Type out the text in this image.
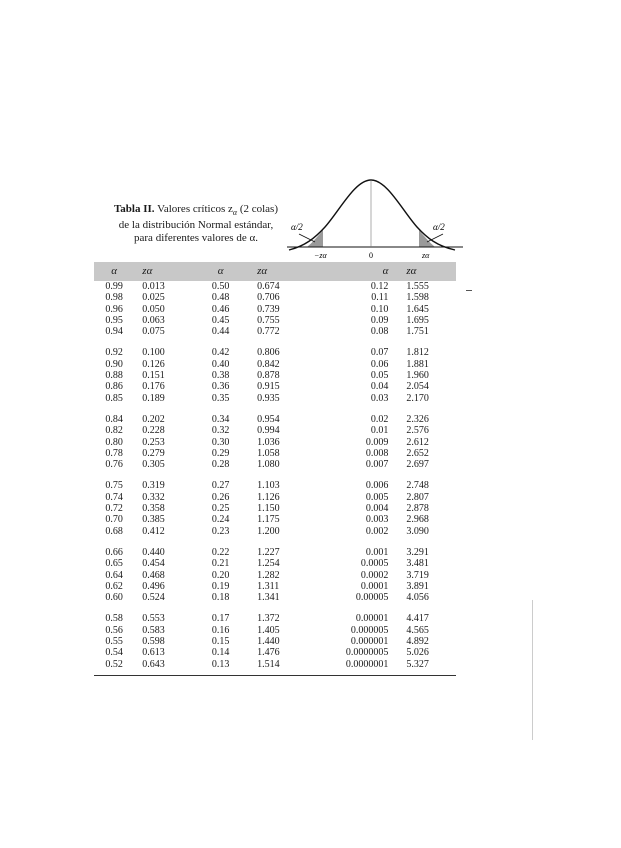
Tabla II. Valores críticos $z_\alpha$ (2 colas)
de la distribución Normal estándar,
para diferentes valores de α.
α/2	α/2
−zα	0	zα
α	zα	α	zα	α	zα
0.99	0.013	0.50	0.674	0.12	1.555
0.98	0.025	0.48	0.706	0.11	1.598
0.96	0.050	0.46	0.739	0.10	1.645
0.95	0.063	0.45	0.755	0.09	1.695
0.94	0.075	0.44	0.772	0.08	1.751

0.92	0.100	0.42	0.806	0.07	1.812
0.90	0.126	0.40	0.842	0.06	1.881
0.88	0.151	0.38	0.878	0.05	1.960
0.86	0.176	0.36	0.915	0.04	2.054
0.85	0.189	0.35	0.935	0.03	2.170

0.84	0.202	0.34	0.954	0.02	2.326
0.82	0.228	0.32	0.994	0.01	2.576
0.80	0.253	0.30	1.036	0.009	2.612
0.78	0.279	0.29	1.058	0.008	2.652
0.76	0.305	0.28	1.080	0.007	2.697

0.75	0.319	0.27	1.103	0.006	2.748
0.74	0.332	0.26	1.126	0.005	2.807
0.72	0.358	0.25	1.150	0.004	2.878
0.70	0.385	0.24	1.175	0.003	2.968
0.68	0.412	0.23	1.200	0.002	3.090

0.66	0.440	0.22	1.227	0.001	3.291
0.65	0.454	0.21	1.254	0.0005	3.481
0.64	0.468	0.20	1.282	0.0002	3.719
0.62	0.496	0.19	1.311	0.0001	3.891
0.60	0.524	0.18	1.341	0.00005	4.056

0.58	0.553	0.17	1.372	0.00001	4.417
0.56	0.583	0.16	1.405	0.000005	4.565
0.55	0.598	0.15	1.440	0.000001	4.892
0.54	0.613	0.14	1.476	0.0000005	5.026
0.52	0.643	0.13	1.514	0.0000001	5.327
